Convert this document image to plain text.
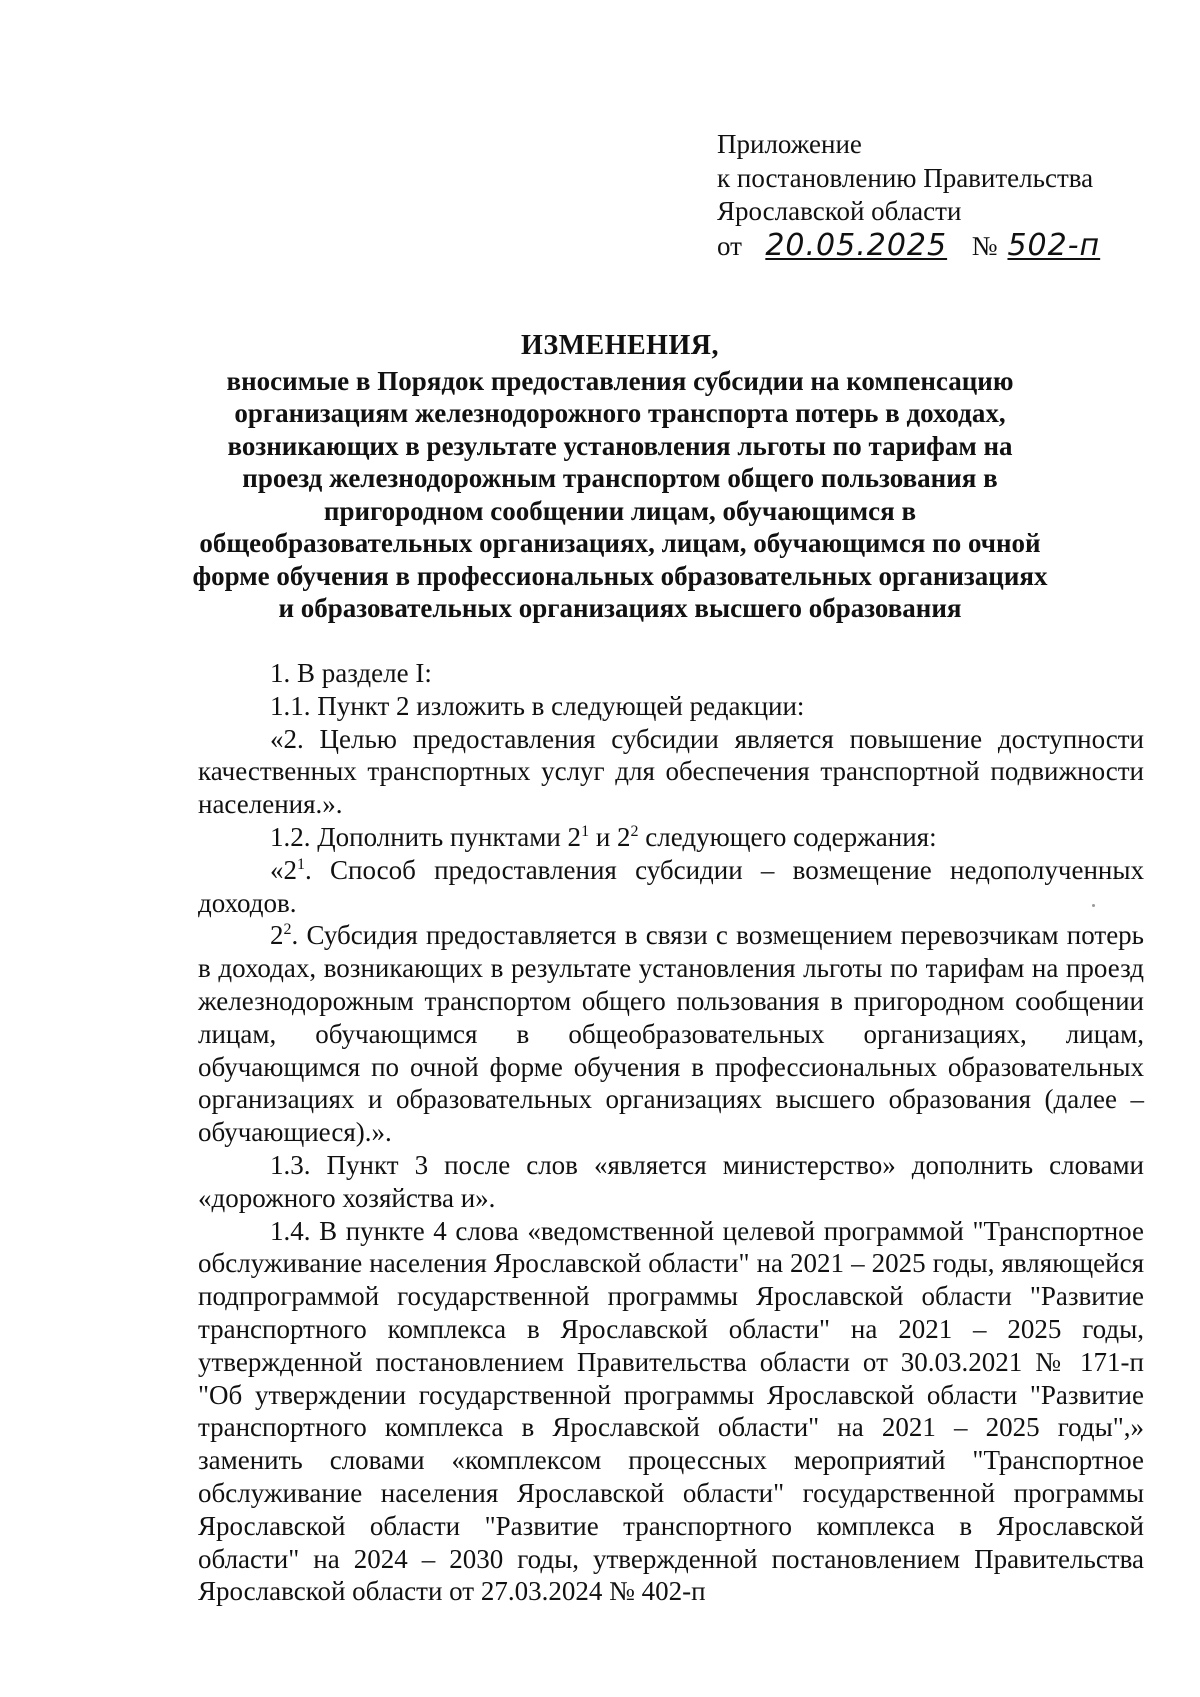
Приложение
к постановлению Правительства
Ярославской области
от 20.05.2025 № 502-п
ИЗМЕНЕНИЯ,
вносимые в Порядок предоставления субсидии на компенсацию организациям железнодорожного транспорта потерь в доходах, возникающих в результате установления льготы по тарифам на проезд железнодорожным транспортом общего пользования в пригородном сообщении лицам, обучающимся в общеобразовательных организациях, лицам, обучающимся по очной форме обучения в профессиональных образовательных организациях и образовательных организациях высшего образования

1. В разделе I:

1.1. Пункт 2 изложить в следующей редакции:

«2. Целью предоставления субсидии является повышение доступности качественных транспортных услуг для обеспечения транспортной подвижности населения.».

1.2. Дополнить пунктами $2^1$ и $2^2$ следующего содержания:

«$2^1$. Способ предоставления субсидии – возмещение недополученных доходов.

$2^2$. Субсидия предоставляется в связи с возмещением перевозчикам потерь в доходах, возникающих в результате установления льготы по тарифам на проезд железнодорожным транспортом общего пользования в пригородном сообщении лицам, обучающимся в общеобразовательных организациях, лицам, обучающимся по очной форме обучения в профессиональных образовательных организациях и образовательных организациях высшего образования (далее – обучающиеся).».

1.3. Пункт 3 после слов «является министерство» дополнить словами «дорожного хозяйства и».

1.4. В пункте 4 слова «ведомственной целевой программой "Транспортное обслуживание населения Ярославской области" на 2021 – 2025 годы, являющейся подпрограммой государственной программы Ярославской области "Развитие транспортного комплекса в Ярославской области" на 2021 – 2025 годы, утвержденной постановлением Правительства области от 30.03.2021 № 171-п "Об утверждении государственной программы Ярославской области "Развитие транспортного комплекса в Ярославской области" на 2021 – 2025 годы",» заменить словами «комплексом процессных мероприятий "Транспортное обслуживание населения Ярославской области" государственной программы Ярославской области "Развитие транспортного комплекса в Ярославской области" на 2024 – 2030 годы, утвержденной постановлением Правительства Ярославской области от 27.03.2024 № 402-п
